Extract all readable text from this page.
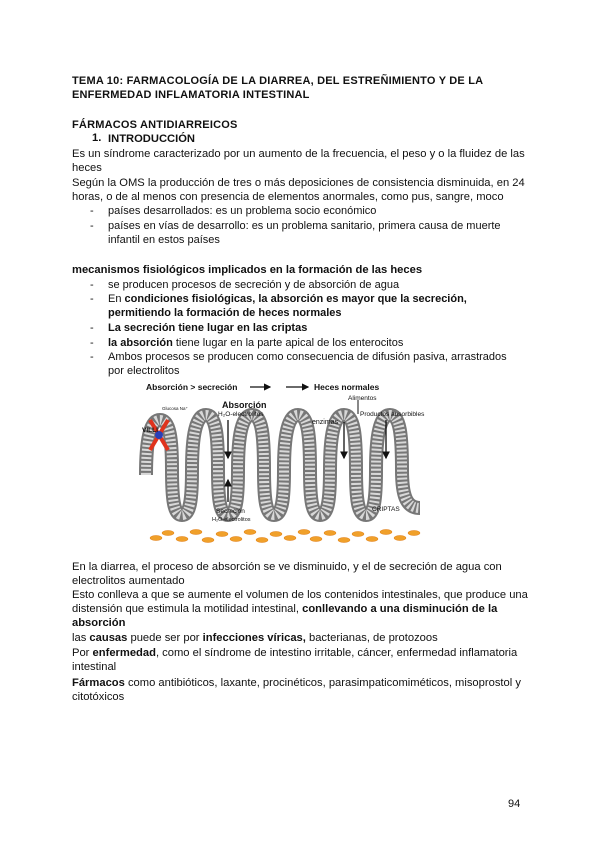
TEMA 10: FARMACOLOGÍA DE LA DIARREA, DEL ESTREÑIMIENTO Y DE LA
ENFERMEDAD INFLAMATORIA INTESTINAL
FÁRMACOS ANTIDIARREICOS
1. INTRODUCCIÓN
Es un síndrome caracterizado por un aumento de la frecuencia, el peso y o la fluidez de las
heces
Según la OMS la producción de tres o más deposiciones de consistencia disminuida, en 24
horas, o de al menos con presencia de elementos anormales, como pus, sangre, moco
- países desarrollados: es un problema socio económico
- países en vías de desarrollo: es un problema sanitario, primera causa de muerte
infantil en estos países
mecanismos fisiológicos implicados en la formación de las heces
- se producen procesos de secreción y de absorción de agua
- En condiciones fisiológicas, la absorción es mayor que la secreción,
permitiendo la formación de heces normales
- La secreción tiene lugar en las criptas
- la absorción tiene lugar en la parte apical de los enterocitos
- Ambos procesos se producen como consecuencia de difusión pasiva, arrastrados
por electrolitos
Absorción > secreción	Heces normales
Absorción
H₂O-electrolitos
Alimentos
enzimas
Productos absorbibles
VILLI
Glucosa Na⁺
Secreción
H₂O-electrolitos
CRIPTAS
En la diarrea, el proceso de absorción se ve disminuido, y el de secreción de agua con
electrolitos aumentado
Esto conlleva a que se aumente el volumen de los contenidos intestinales, que produce una
distensión que estimula la motilidad intestinal, conllevando a una disminución de la
absorción
las causas puede ser por infecciones víricas, bacterianas, de protozoos
Por enfermedad, como el síndrome de intestino irritable, cáncer, enfermedad inflamatoria
intestinal
Fármacos como antibióticos, laxante, procinéticos, parasimpaticomiméticos, misoprostol y
citotóxicos
94
